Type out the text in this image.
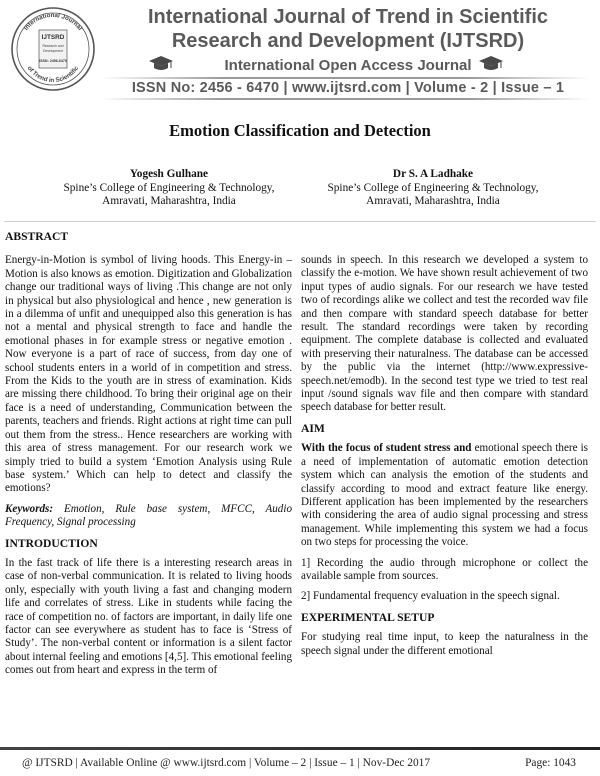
International Journal
of Trend in Scientific
IJTSRD
Research and
Development
ISSN: 2456-6470
International Journal of Trend in Scientific
Research and Development (IJTSRD)
International Open Access Journal
ISSN No: 2456 - 6470 | www.ijtsrd.com | Volume - 2 | Issue – 1
Emotion Classification and Detection
Yogesh Gulhane
Spine’s College of Engineering & Technology,
Amravati, Maharashtra, India
Dr S. A Ladhake
Spine’s College of Engineering & Technology,
Amravati, Maharashtra, India

ABSTRACT

Energy-in-Motion is symbol of living hoods. This Energy-in –Motion is also knows as emotion. Digitization and Globalization change our traditional ways of living .This change are not only in physical but also physiological and hence , new generation is in a dilemma of unfit and unequipped also this generation is has not a mental and physical strength to face and handle the emotional phases in for example stress or negative emotion . Now everyone is a part of race of success, from day one of school students enters in a world of in competition and stress. From the Kids to the youth are in stress of examination. Kids are missing there childhood. To bring their original age on their face is a need of understanding, Communication between the parents, teachers and friends. Right actions at right time can pull out them from the stress.. Hence researchers are working with this area of stress management. For our research work we simply tried to build a system ‘Emotion Analysis using Rule base system.’ Which can help to detect and classify the emotions?

Keywords: Emotion, Rule base system, MFCC, Audio Frequency, Signal processing

INTRODUCTION

In the fast track of life there is a interesting research areas in case of non-verbal communication. It is related to living hoods only, especially with youth living a fast and changing modern life and correlates of stress. Like in students while facing the race of competition no. of factors are important, in daily life one factor can see everywhere as student has to face is ‘Stress of Study’. The non-verbal content or information is a silent factor about internal feeling and emotions [4,5]. This emotional feeling comes out from heart and express in the term of

sounds in speech. In this research we developed a system to classify the e-motion. We have shown result achievement of two input types of audio signals. For our research we have tested two of recordings alike we collect and test the recorded wav file and then compare with standard speech database for better result. The standard recordings were taken by recording equipment. The complete database is collected and evaluated with preserving their naturalness. The database can be accessed by the public via the internet (http://www.expressive-speech.net/emodb). In the second test type we tried to test real input /sound signals wav file and then compare with standard speech database for better result.

AIM

With the focus of student stress and emotional speech there is a need of implementation of automatic emotion detection system which can analysis the emotion of the students and classify according to mood and extract feature like energy. Different application has been implemented by the researchers with considering the area of audio signal processing and stress management. While implementing this system we had a focus on two steps for processing the voice.

1] Recording the audio through microphone or collect the available sample from sources.

2] Fundamental frequency evaluation in the speech signal.

EXPERIMENTAL SETUP

For studying real time input, to keep the naturalness in the speech signal under the different emotional

@ IJTSRD | Available Online @ www.ijtsrd.com | Volume – 2 | Issue – 1 | Nov-Dec 2017	Page: 1043
